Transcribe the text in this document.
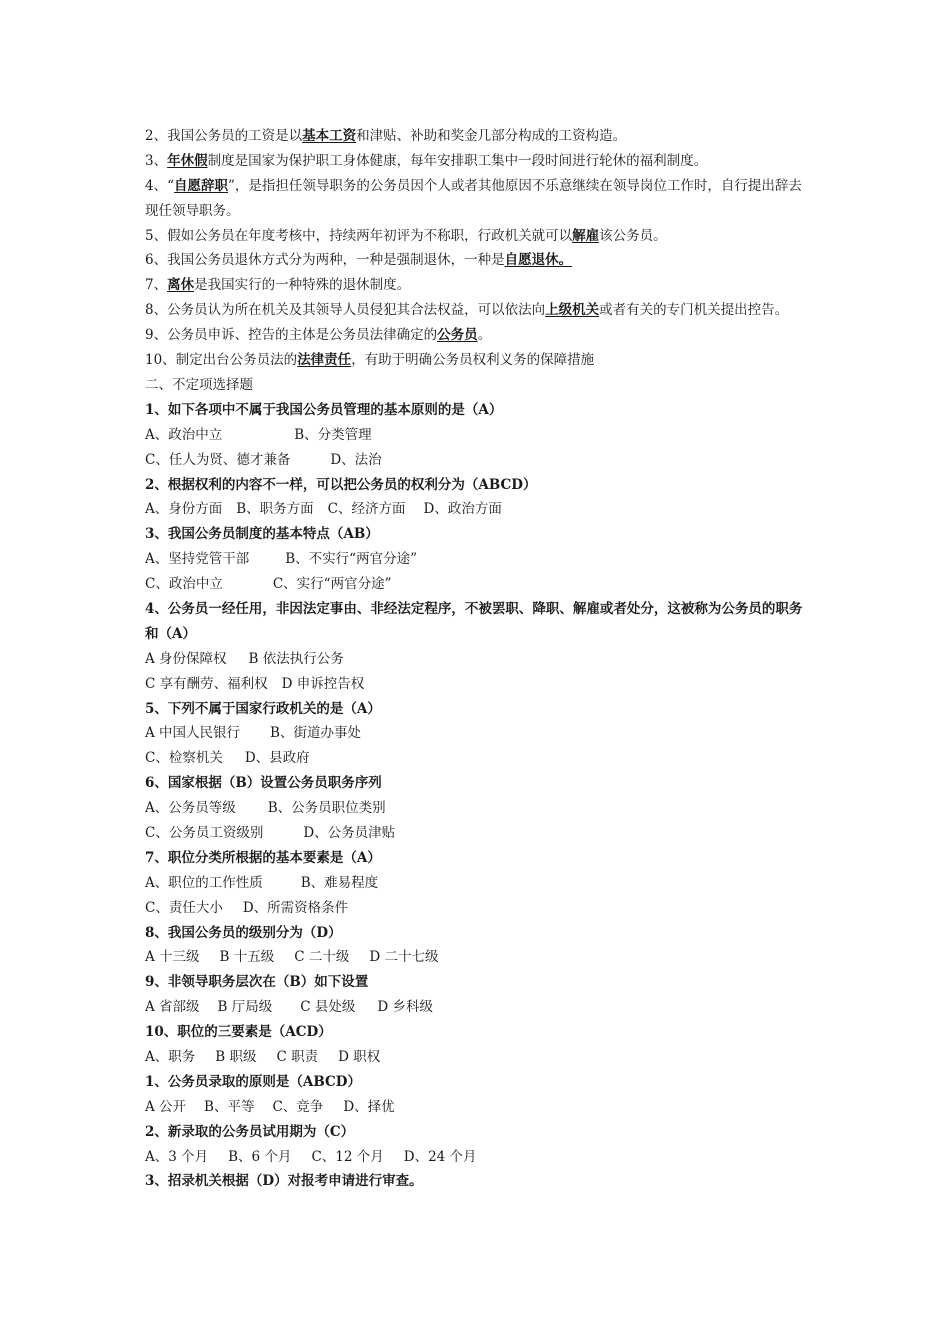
2、我国公务员的工资是以基本工资和津贴、补助和奖金几部分构成的工资构造。
3、年休假制度是国家为保护职工身体健康，每年安排职工集中一段时间进行轮休的福利制度。
4、“自愿辞职”，是指担任领导职务的公务员因个人或者其他原因不乐意继续在领导岗位工作时，自行提出辞去现任领导职务。
5、假如公务员在年度考核中，持续两年初评为不称职，行政机关就可以解雇该公务员。
6、我国公务员退休方式分为两种，一种是强制退休，一种是自愿退休。
7、离休是我国实行的一种特殊的退休制度。
8、公务员认为所在机关及其领导人员侵犯其合法权益，可以依法向上级机关或者有关的专门机关提出控告。
9、公务员申诉、控告的主体是公务员法律确定的公务员。
10、制定出台公务员法的法律责任，有助于明确公务员权利义务的保障措施
二、不定项选择题
1、如下各项中不属于我国公务员管理的基本原则的是（A）
A、政治中立	B、分类管理
C、任人为贤、德才兼备	D、法治
2、根据权利的内容不一样，可以把公务员的权利分为（ABCD）
A、身份方面 B、职务方面 C、经济方面 D、政治方面
3、我国公务员制度的基本特点（AB）
A、坚持党管干部	B、不实行“两官分途”
C、政治中立	C、实行“两官分途”
4、公务员一经任用，非因法定事由、非经法定程序，不被罢职、降职、解雇或者处分，这被称为公务员的职务和（A）
A 身份保障权 B 依法执行公务
C 享有酬劳、福利权 D 申诉控告权
5、下列不属于国家行政机关的是（A）
A 中国人民银行 B、街道办事处
C、检察机关 D、县政府
6、国家根据（B）设置公务员职务序列
A、公务员等级 B、公务员职位类别
C、公务员工资级别	D、公务员津贴
7、职位分类所根据的基本要素是（A）
A、职位的工作性质	B、难易程度
C、责任大小 D、所需资格条件
8、我国公务员的级别分为（D）
A 十三级 B 十五级 C 二十级 D 二十七级
9、非领导职务层次在（B）如下设置
A 省部级 B 厅局级 C 县处级 D 乡科级
10、职位的三要素是（ACD）
A、职务 B 职级 C 职责 D 职权
1、公务员录取的原则是（ABCD）
A 公开 B、平等 C、竞争 D、择优
2、新录取的公务员试用期为（C）
A、3 个月 B、6 个月 C、12 个月 D、24 个月
3、招录机关根据（D）对报考申请进行审查。
